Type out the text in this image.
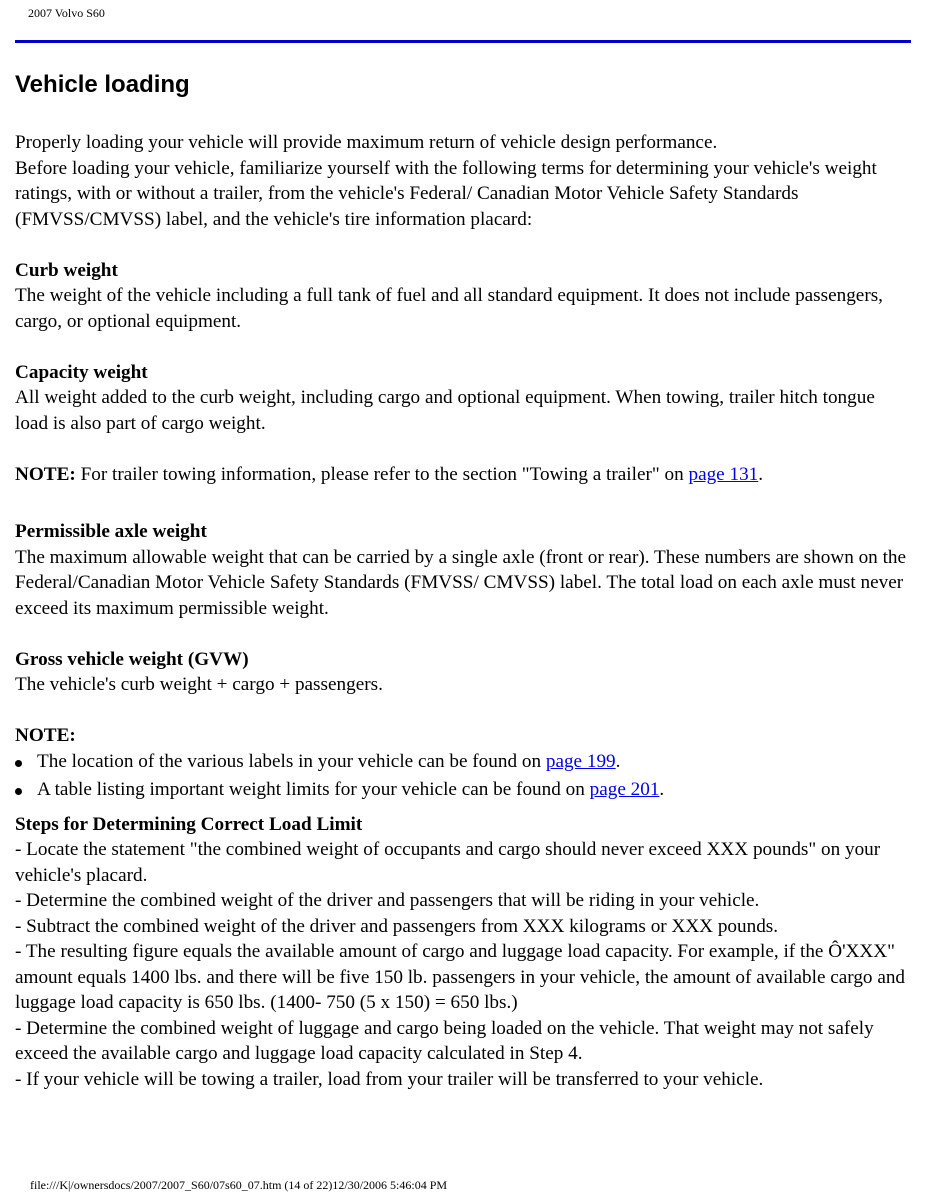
2007 Volvo S60
Vehicle loading

Properly loading your vehicle will provide maximum return of vehicle design performance.

Before loading your vehicle, familiarize yourself with the following terms for determining your vehicle's weight ratings, with or without a trailer, from the vehicle's Federal/ Canadian Motor Vehicle Safety Standards (FMVSS/CMVSS) label, and the vehicle's tire information placard:

Curb weight

The weight of the vehicle including a full tank of fuel and all standard equipment. It does not include passengers, cargo, or optional equipment.

Capacity weight

All weight added to the curb weight, including cargo and optional equipment. When towing, trailer hitch tongue load is also part of cargo weight.

NOTE: For trailer towing information, please refer to the section "Towing a trailer" on page 131.

Permissible axle weight

The maximum allowable weight that can be carried by a single axle (front or rear). These numbers are shown on the Federal/Canadian Motor Vehicle Safety Standards (FMVSS/ CMVSS) label. The total load on each axle must never exceed its maximum permissible weight.

Gross vehicle weight (GVW)

The vehicle's curb weight + cargo + passengers.

NOTE:

The location of the various labels in your vehicle can be found on page 199.
A table listing important weight limits for your vehicle can be found on page 201.

Steps for Determining Correct Load Limit

- Locate the statement "the combined weight of occupants and cargo should never exceed XXX pounds" on your vehicle's placard.

- Determine the combined weight of the driver and passengers that will be riding in your vehicle.

- Subtract the combined weight of the driver and passengers from XXX kilograms or XXX pounds.

- The resulting figure equals the available amount of cargo and luggage load capacity. For example, if the Ô'XXX" amount equals 1400 lbs. and there will be five 150 lb. passengers in your vehicle, the amount of available cargo and luggage load capacity is 650 lbs. (1400- 750 (5 x 150) = 650 lbs.)

- Determine the combined weight of luggage and cargo being loaded on the vehicle. That weight may not safely exceed the available cargo and luggage load capacity calculated in Step 4.

- If your vehicle will be towing a trailer, load from your trailer will be transferred to your vehicle.

file:///K|/ownersdocs/2007/2007_S60/07s60_07.htm (14 of 22)12/30/2006 5:46:04 PM
